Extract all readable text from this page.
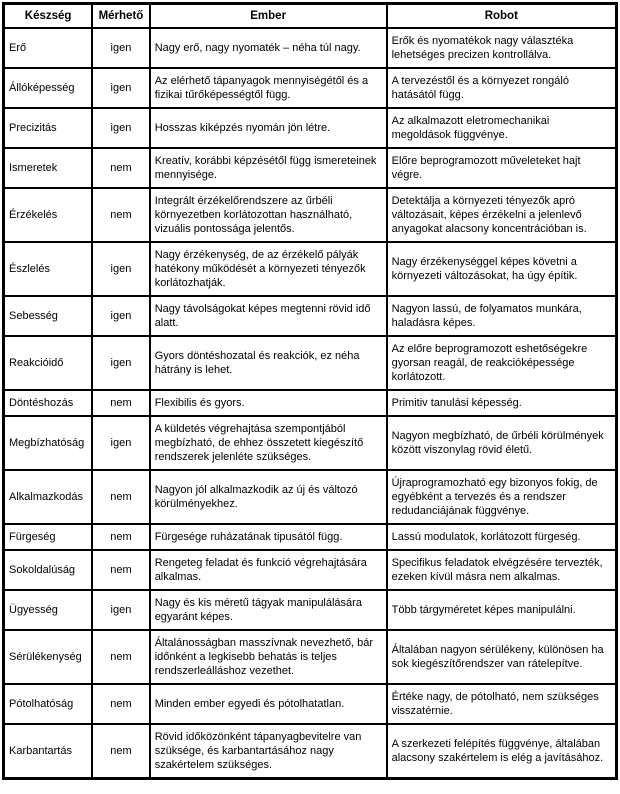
Készség	Mérhető	Ember	Robot
Erő	igen	Nagy erő, nagy nyomaték – néha túl nagy.	Erők és nyomatékok nagy választéka lehetséges precizen kontrollálva.
Állóképesség	igen	Az elérhető tápanyagok mennyiségétől és a fizikai tűrőképességtől függ.	A tervezéstől és a környezet rongáló hatásától függ.
Precizitás	igen	Hosszas kiképzés nyomán jön létre.	Az alkalmazott eletromechanikai megoldások függvénye.
Ismeretek	nem	Kreatív, korábbi képzésétől függ ismereteinek mennyisége.	Előre beprogramozott műveleteket hajt végre.
Érzékelés	nem	Integrált érzékelőrendszere az űrbéli környezetben korlátozottan használható, vizuális pontossága jelentős.	Detektálja a környezeti tényezők apró változásait, képes érzékelni a jelenlevő anyagokat alacsony koncentrációban is.
Észlelés	igen	Nagy érzékenység, de az érzékelő pályák hatékony működését a környezeti tényezők korlátozhatják.	Nagy érzékenységgel képes követni a környezeti változásokat, ha úgy építik.
Sebesség	igen	Nagy távolságokat képes megtenni rövid idő alatt.	Nagyon lassú, de folyamatos munkára, haladásra képes.
Reakcióidő	igen	Gyors döntéshozatal és reakciók, ez néha hátrány is lehet.	Az előre beprogramozott eshetőségekre gyorsan reagál, de reakcióképessége korlátozott.
Döntéshozás	nem	Flexibilis és gyors.	Primitiv tanulási képesség.
Megbízhatóság	igen	A küldetés végrehajtása szempontjából megbízható, de ehhez összetett kiegészítő rendszerek jelenléte szükséges.	Nagyon megbízható, de űrbéli körülmények között viszonylag rövid életű.
Alkalmazkodás	nem	Nagyon jól alkalmazkodik az új és változó körülményekhez.	Újraprogramozható egy bizonyos fokig, de egyébként a tervezés és a rendszer redudanciájának függvénye.
Fürgeség	nem	Fürgesége ruházatának tipusától függ.	Lassú modulatok, korlátozott fürgeség.
Sokoldalúság	nem	Rengeteg feladat és funkció végrehajtására alkalmas.	Specifikus feladatok elvégzésére tervezték, ezeken kívül másra nem alkalmas.
Ügyesség	igen	Nagy és kis méretű tágyak manipulálására egyaránt képes.	Több tárgyméretet képes manipulálni.
Sérülékenység	nem	Általánosságban masszívnak nevezhető, bár időnként a legkisebb behatás is teljes rendszerleálláshoz vezethet.	Általában nagyon sérülékeny, különösen ha sok kiegészítőrendszer van rátelepítve.
Pótolhatóság	nem	Minden ember egyedi és pótolhatatlan.	Értéke nagy, de pótolható, nem szükséges visszatérnie.
Karbantartás	nem	Rövid időközönként tápanyagbevitelre van szüksége, és karbantartásához nagy szakértelem szükséges.	A szerkezeti felépítés függvénye, általában alacsony szakértelem is elég a javításához.
